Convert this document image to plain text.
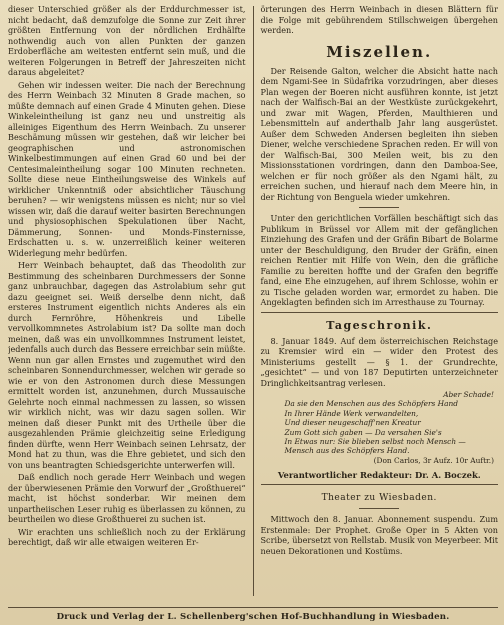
dieser Unterschied größer als der Erddurchmesser ist, nicht bedacht, daß demzufolge die Sonne zur Zeit ihrer größten Entfernung von der nördlichen Erdhälfte nothwendig auch von allen Punkten der ganzen Erdoberfläche am weitesten entfernt sein muß, und die weiteren Folgerungen in Betreff der Jahreszeiten nicht daraus abgeleitet?

Gehen wir indessen weiter. Die nach der Berechnung des Herrn Weinbach 32 Minuten 8 Grade machen, so müßte demnach auf einen Grade 4 Minuten gehen. Diese Winkeleintheilung ist ganz neu und unstreitig als alleiniges Eigenthum des Herrn Weinbach. Zu unserer Beschämung müssen wir gestehen, daß wir leicher bei geographischen und astronomischen Winkelbestimmungen auf einen Grad 60 und bei der Centesimaleintheilung sogar 100 Minuten rechneten. Sollte diese neue Eintheilungsweise des Winkels auf wirklicher Unkenntniß oder absichtlicher Täuschung beruhen? — wir wenigstens müssen es nicht; nur so viel wissen wir, daß die darauf weiter basirten Berechnungen und physiosophischen Spekulationen über Nacht, Dämmerung, Sonnen- und Monds-Finsternisse, Erdschatten u. s. w. unzerreißlich keiner weiteren Widerlegung mehr bedürfen.

Herr Weinbach behauptet, daß das Theodolith zur Bestimmung des scheinbaren Durchmessers der Sonne ganz unbrauchbar, dagegen das Astrolabium sehr gut dazu geeignet sei. Weiß derselbe denn nicht, daß ersteres Instrument eigentlich nichts Anderes als ein durch Fernröhre, Höhenkreis und Libelle vervollkommnetes Astrolabium ist? Da sollte man doch meinen, daß was ein unvollkommnes Instrument leistet, jedenfalls auch durch das Bessere erreichbar sein müßte. Wenn nun gar allen Ernstes und zugemuthet wird den scheinbaren Sonnendurchmesser, welchen wir gerade so wie er von den Astronomen durch diese Messungen ermittelt worden ist, anzunehmen, durch Mussauische Gelehrte noch einmal nachmessen zu lassen, so wissen wir wirklich nicht, was wir dazu sagen sollen. Wir meinen daß dieser Punkt mit des Urtheile über die ausgezahlenden Prämie gleichzeitig seine Erledigung finden dürfte, wenn Herr Weinbach seinen Lehrsatz, der Mond hat zu thun, was die Ehre gebietet, und sich den von uns beantragten Schiedsgerichte unterwerfen will.

Daß endlich noch gerade Herr Weinbach und wegen der überwiesenen Prämie den Vorwurf der „Großthuerei“ macht, ist höchst sonderbar. Wir meinen dem unpartheiischen Leser ruhig es überlassen zu können, zu beurtheilen wo diese Großthuerei zu suchen ist.

Wir erachten uns schließlich noch zu der Erklärung berechtigt, daß wir alle etwaigen weiteren Er-

örterungen des Herrn Weinbach in diesen Blättern für die Folge mit gebührendem Stillschweigen übergehen werden.

Miszellen.

Der Reisende Galton, welcher die Absicht hatte nach dem Ngami-See in Südafrika vorzudringen, aber dieses Plan wegen der Boeren nicht ausführen konnte, ist jetzt nach der Walfisch-Bai an der Westküste zurückgekehrt, und zwar mit Wagen, Pferden, Maulthieren und Lebensmitteln auf anderthalb Jahr lang ausgerüstet. Außer dem Schweden Andersen begleiten ihn sieben Diener, welche verschiedene Sprachen reden. Er will von der Walfisch-Bai, 300 Meilen weit, bis zu den Missionsstationen vordringen, dann den Damboa-See, welchen er für noch größer als den Ngami hält, zu erreichen suchen, und hierauf nach dem Meere hin, in der Richtung von Benguela wieder umkehren.

Unter den gerichtlichen Vorfällen beschäftigt sich das Publikum in Brüssel vor Allem mit der gefänglichen Einziehung des Grafen und der Gräfin Bibart de Bolarme unter der Beschuldigung, den Bruder der Gräfin, einen reichen Rentier mit Hilfe von Wein, den die gräfliche Familie zu bereiten hoffte und der Grafen den begriffe fand, eine Ehe einzugehen, auf ihrem Schlosse, wohin er zu Tische geladen worden war, ermordet zu haben. Die Angeklagten befinden sich im Arresthause zu Tournay.

Tageschronik.

8. Januar 1849. Auf dem österreichischen Reichstage zu Kremsier wird ein — wider den Protest des Ministeriums gestellt — § 1. der Grundrechte, „gesichtet“ — und von 187 Deputirten unterzeichneter Dringlichkeitsantrag verlesen.

Aber Schade!
Da sie den Menschen aus des Schöpfers Hand
In Ihrer Hände Werk verwandelten,
Und dieser neugeschaff'nen Kreatur
Zum Gott sich gaben — Da versahen Sie's
In Etwas nur: Sie blieben selbst noch Mensch —
Mensch aus des Schöpfers Hand.
(Don Carlos, 3r Aufz. 10r Auftr.)
Verantwortlicher Redakteur: Dr. A. Boczek.
Theater zu Wiesbaden.

Mittwoch den 8. Januar. Abonnement suspendu. Zum Erstenmale: Der Prophet. Große Oper in 5 Akten von Scribe, übersetzt von Rellstab. Musik von Meyerbeer. Mit neuen Dekorationen und Kostüms.

Druck und Verlag der L. Schellenberg'schen Hof-Buchhandlung in Wiesbaden.
